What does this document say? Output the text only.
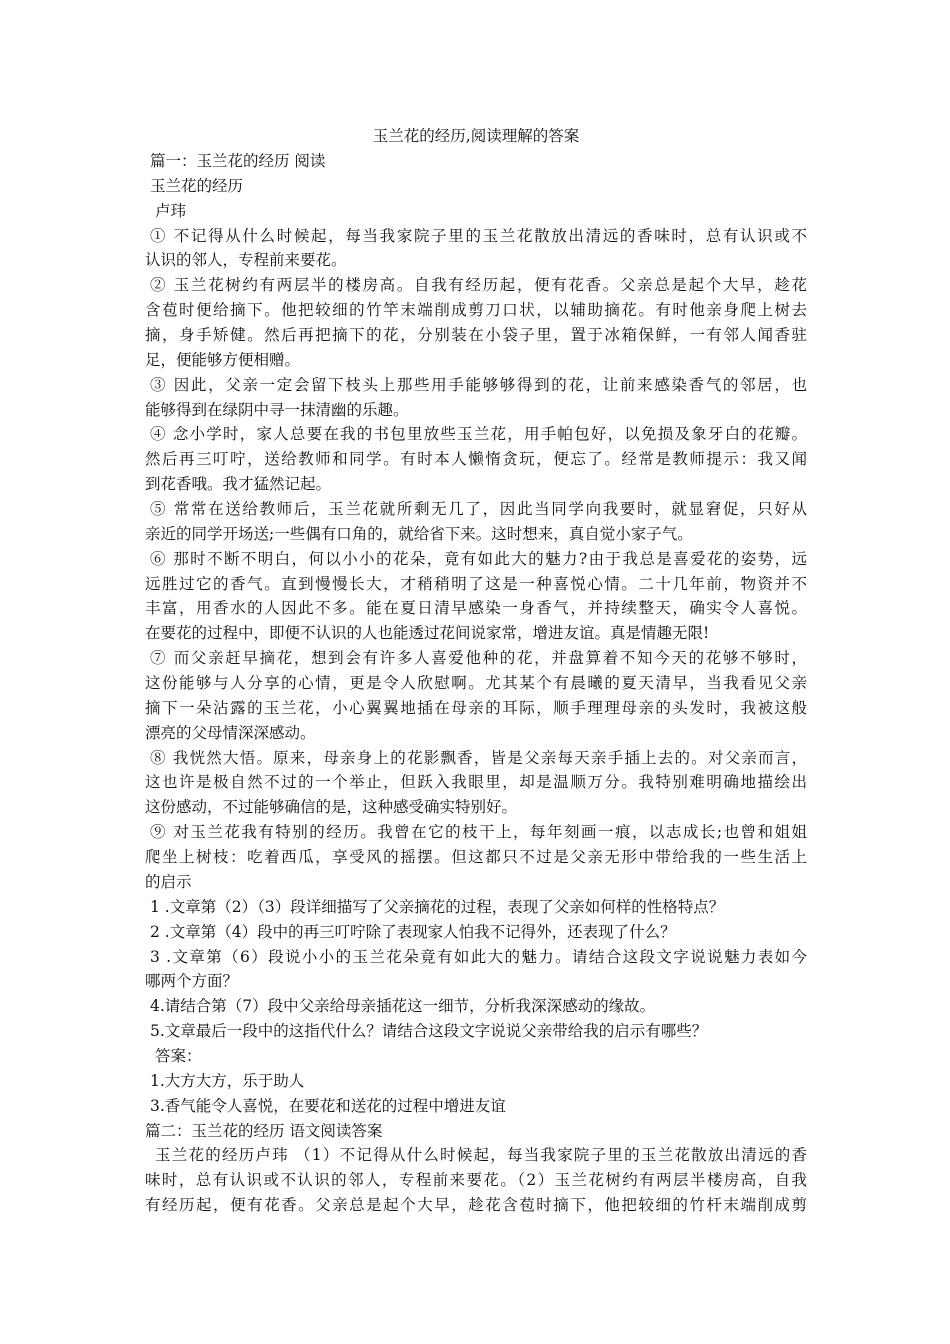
玉兰花的经历,阅读理解的答案
篇一：玉兰花的经历 阅读
玉兰花的经历
卢玮
① 不记得从什么时候起，每当我家院子里的玉兰花散放出清远的香味时，总有认识或不
认识的邻人，专程前来要花。
② 玉兰花树约有两层半的楼房高。自我有经历起，便有花香。父亲总是起个大早，趁花
含苞时便给摘下。他把较细的竹竿末端削成剪刀口状，以辅助摘花。有时他亲身爬上树去
摘，身手矫健。然后再把摘下的花，分别装在小袋子里，置于冰箱保鲜，一有邻人闻香驻
足，便能够方便相赠。
③ 因此，父亲一定会留下枝头上那些用手能够够得到的花，让前来感染香气的邻居，也
能够得到在绿阴中寻一抹清幽的乐趣。
④ 念小学时，家人总要在我的书包里放些玉兰花，用手帕包好，以免损及象牙白的花瓣。
然后再三叮咛，送给教师和同学。有时本人懒惰贪玩，便忘了。经常是教师提示：我又闻
到花香哦。我才猛然记起。
⑤ 常常在送给教师后，玉兰花就所剩无几了，因此当同学向我要时，就显窘促，只好从
亲近的同学开场送;一些偶有口角的，就给省下来。这时想来，真自觉小家子气。
⑥ 那时不断不明白，何以小小的花朵，竟有如此大的魅力?由于我总是喜爱花的姿势，远
远胜过它的香气。直到慢慢长大，才稍稍明了这是一种喜悦心情。二十几年前，物资并不
丰富，用香水的人因此不多。能在夏日清早感染一身香气，并持续整天，确实令人喜悦。
在要花的过程中，即便不认识的人也能透过花间说家常，增进友谊。真是情趣无限!
⑦ 而父亲赶早摘花，想到会有许多人喜爱他种的花，并盘算着不知今天的花够不够时，
这份能够与人分享的心情，更是令人欣慰啊。尤其某个有晨曦的夏天清早，当我看见父亲
摘下一朵沾露的玉兰花，小心翼翼地插在母亲的耳际，顺手理理母亲的头发时，我被这般
漂亮的父母情深深感动。
⑧ 我恍然大悟。原来，母亲身上的花影飘香，皆是父亲每天亲手插上去的。对父亲而言，
这也许是极自然不过的一个举止，但跃入我眼里，却是温顺万分。我特别难明确地描绘出
这份感动，不过能够确信的是，这种感受确实特别好。
⑨ 对玉兰花我有特别的经历。我曾在它的枝干上，每年刻画一痕，以志成长;也曾和姐姐
爬坐上树枝：吃着西瓜，享受风的摇摆。但这都只不过是父亲无形中带给我的一些生活上
的启示
1 .文章第（2）（3）段详细描写了父亲摘花的过程，表现了父亲如何样的性格特点？
2 .文章第（4）段中的再三叮咛除了表现家人怕我不记得外，还表现了什么？
3 .文章第（6）段说小小的玉兰花朵竟有如此大的魅力。请结合这段文字说说魅力表如今
哪两个方面？
4.请结合第（7）段中父亲给母亲插花这一细节，分析我深深感动的缘故。
5.文章最后一段中的这指代什么？请结合这段文字说说父亲带给我的启示有哪些？
答案：
1.大方大方，乐于助人
3.香气能令人喜悦，在要花和送花的过程中增进友谊
篇二：玉兰花的经历 语文阅读答案
玉兰花的经历卢玮 （1）不记得从什么时候起，每当我家院子里的玉兰花散放出清远的香
味时，总有认识或不认识的邻人，专程前来要花。（2）玉兰花树约有两层半楼房高，自我
有经历起，便有花香。父亲总是起个大早，趁花含苞时摘下，他把较细的竹杆末端削成剪
